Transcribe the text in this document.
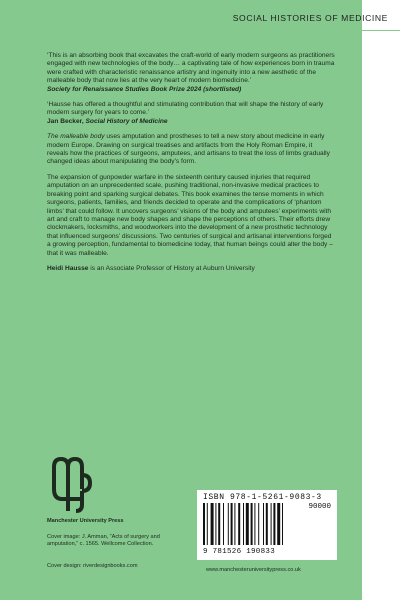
SOCIAL HISTORIES OF MEDICINE

‘This is an absorbing book that excavates the craft-world of early modern surgeons as practitioners engaged with new technologies of the body… a captivating tale of how experiences born in trauma were crafted with characteristic renaissance artistry and ingenuity into a new aesthetic of the malleable body that now lies at the very heart of modern biomedicine.’

Society for Renaissance Studies Book Prize 2024 (shortlisted)

‘Hausse has offered a thoughtful and stimulating contribution that will shape the history of early modern surgery for years to come.’

Jan Becker, Social History of Medicine

The malleable body uses amputation and prostheses to tell a new story about medicine in early modern Europe. Drawing on surgical treatises and artifacts from the Holy Roman Empire, it reveals how the practices of surgeons, amputees, and artisans to treat the loss of limbs gradually changed ideas about manipulating the body’s form.

The expansion of gunpowder warfare in the sixteenth century caused injuries that required amputation on an unprecedented scale, pushing traditional, non-invasive medical practices to breaking point and sparking surgical debates. This book examines the tense moments in which surgeons, patients, families, and friends decided to operate and the complications of ‘phantom limbs’ that could follow. It uncovers surgeons’ visions of the body and amputees’ experiments with art and craft to manage new body shapes and shape the perceptions of others. Their efforts drew clockmakers, locksmiths, and woodworkers into the development of a new prosthetic technology that influenced surgeons’ discussions. Two centuries of surgical and artisanal interventions forged a growing perception, fundamental to biomedicine today, that human beings could alter the body – that it was malleable.

Heidi Hausse is an Associate Professor of History at Auburn University

Manchester University Press
Cover image: J. Amman, “Acts of surgery and amputation,” c. 1565. Wellcome Collection.
Cover design: riverdesignbooks.com
ISBN 978-1-5261-9083-3
90000
9 781526 190833
www.manchesteruniversitypress.co.uk
